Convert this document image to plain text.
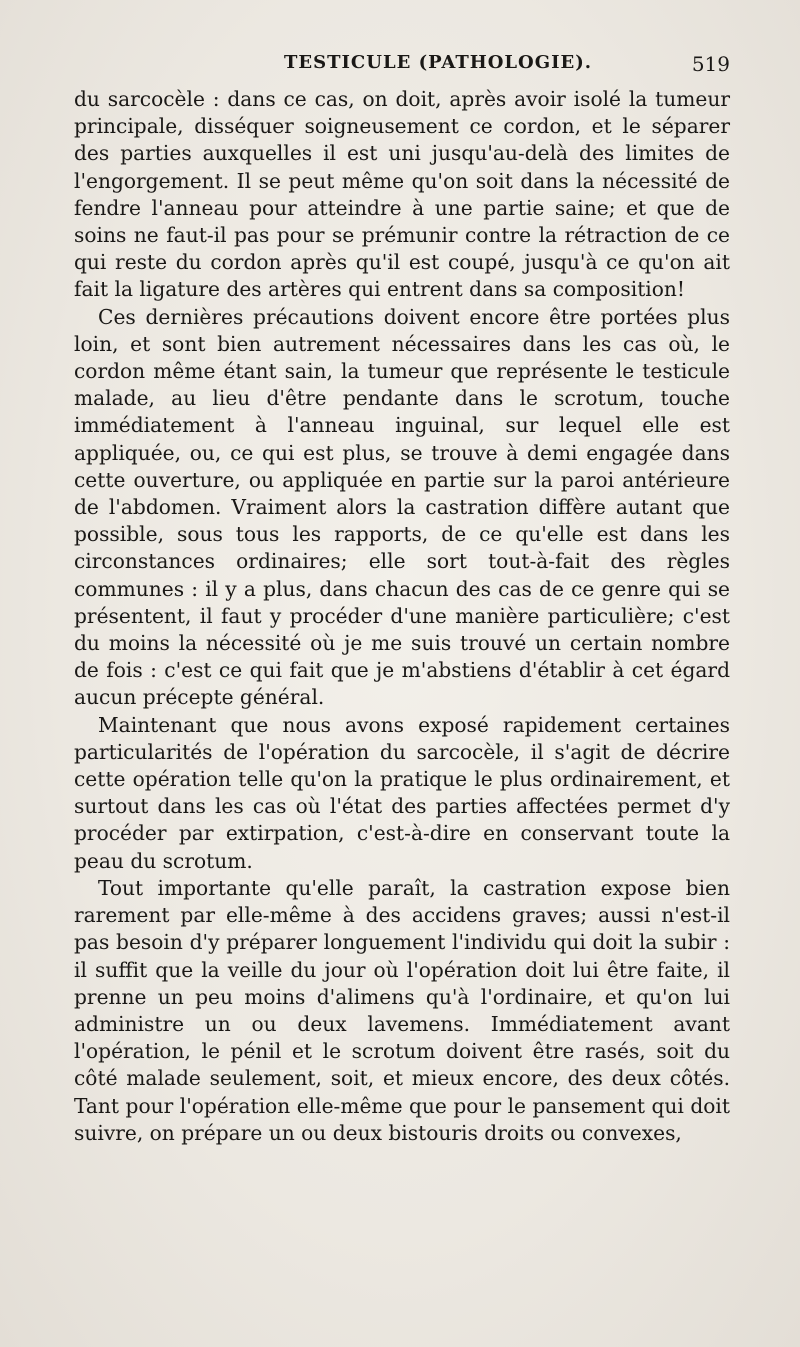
TESTICULE (PATHOLOGIE).	519

du sarcocèle : dans ce cas, on doit, après avoir isolé la tumeur principale, disséquer soigneusement ce cordon, et le séparer des parties auxquelles il est uni jusqu'au-delà des limites de l'engorgement. Il se peut même qu'on soit dans la nécessité de fendre l'anneau pour atteindre à une partie saine; et que de soins ne faut-il pas pour se prémunir contre la rétraction de ce qui reste du cordon après qu'il est coupé, jusqu'à ce qu'on ait fait la ligature des artères qui entrent dans sa composition!

Ces dernières précautions doivent encore être portées plus loin, et sont bien autrement nécessaires dans les cas où, le cordon même étant sain, la tumeur que représente le testicule malade, au lieu d'être pendante dans le scrotum, touche immédiatement à l'anneau inguinal, sur lequel elle est appliquée, ou, ce qui est plus, se trouve à demi engagée dans cette ouverture, ou appliquée en partie sur la paroi antérieure de l'abdomen. Vraiment alors la castration diffère autant que possible, sous tous les rapports, de ce qu'elle est dans les circonstances ordinaires; elle sort tout-à-fait des règles communes : il y a plus, dans chacun des cas de ce genre qui se présentent, il faut y procéder d'une manière particulière; c'est du moins la nécessité où je me suis trouvé un certain nombre de fois : c'est ce qui fait que je m'abstiens d'établir à cet égard aucun précepte général.

Maintenant que nous avons exposé rapidement certaines particularités de l'opération du sarcocèle, il s'agit de décrire cette opération telle qu'on la pratique le plus ordinairement, et surtout dans les cas où l'état des parties affectées permet d'y procéder par extirpation, c'est-à-dire en conservant toute la peau du scrotum.

Tout importante qu'elle paraît, la castration expose bien rarement par elle-même à des accidens graves; aussi n'est-il pas besoin d'y préparer longuement l'individu qui doit la subir : il suffit que la veille du jour où l'opération doit lui être faite, il prenne un peu moins d'alimens qu'à l'ordinaire, et qu'on lui administre un ou deux lavemens. Immédiatement avant l'opération, le pénil et le scrotum doivent être rasés, soit du côté malade seulement, soit, et mieux encore, des deux côtés. Tant pour l'opération elle-même que pour le pansement qui doit suivre, on prépare un ou deux bistouris droits ou convexes,
